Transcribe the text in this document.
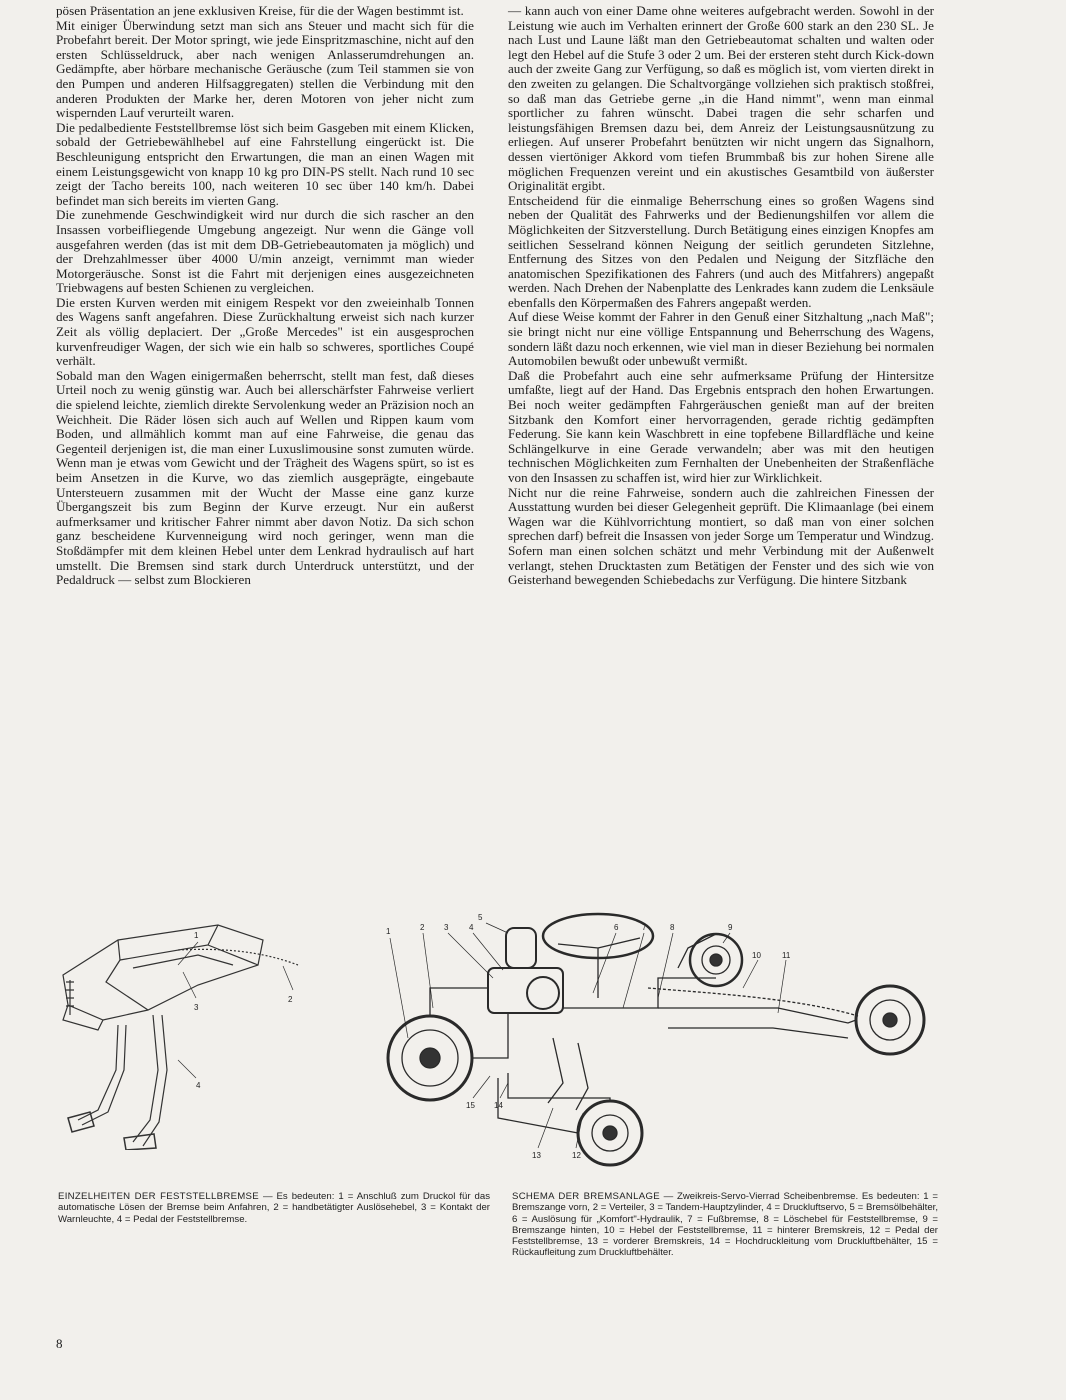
pösen Präsentation an jene exklusiven Kreise, für die der Wagen bestimmt ist.

Mit einiger Überwindung setzt man sich ans Steuer und macht sich für die Probefahrt bereit. Der Motor springt, wie jede Einspritzmaschine, nicht auf den ersten Schlüsseldruck, aber nach wenigen Anlasserumdrehungen an. Gedämpfte, aber hörbare mechanische Geräusche (zum Teil stammen sie von den Pumpen und anderen Hilfsaggregaten) stellen die Verbindung mit den anderen Produkten der Marke her, deren Motoren von jeher nicht zum wispernden Lauf verurteilt waren.

Die pedalbediente Feststellbremse löst sich beim Gasgeben mit einem Klicken, sobald der Getriebewählhebel auf eine Fahrstellung eingerückt ist. Die Beschleunigung entspricht den Erwartungen, die man an einen Wagen mit einem Leistungsgewicht von knapp 10 kg pro DIN-PS stellt. Nach rund 10 sec zeigt der Tacho bereits 100, nach weiteren 10 sec über 140 km/h. Dabei befindet man sich bereits im vierten Gang.

Die zunehmende Geschwindigkeit wird nur durch die sich rascher an den Insassen vorbeifliegende Umgebung angezeigt. Nur wenn die Gänge voll ausgefahren werden (das ist mit dem DB-Getriebeautomaten ja möglich) und der Drehzahlmesser über 4000 U/min anzeigt, vernimmt man wieder Motorgeräusche. Sonst ist die Fahrt mit derjenigen eines ausgezeichneten Triebwagens auf besten Schienen zu vergleichen.

Die ersten Kurven werden mit einigem Respekt vor den zweieinhalb Tonnen des Wagens sanft angefahren. Diese Zurückhaltung erweist sich nach kurzer Zeit als völlig deplaciert. Der „Große Mercedes" ist ein ausgesprochen kurvenfreudiger Wagen, der sich wie ein halb so schweres, sportliches Coupé verhält.

Sobald man den Wagen einigermaßen beherrscht, stellt man fest, daß dieses Urteil noch zu wenig günstig war. Auch bei allerschärfster Fahrweise verliert die spielend leichte, ziemlich direkte Servolenkung weder an Präzision noch an Weichheit. Die Räder lösen sich auch auf Wellen und Rippen kaum vom Boden, und allmählich kommt man auf eine Fahrweise, die genau das Gegenteil derjenigen ist, die man einer Luxuslimousine sonst zumuten würde. Wenn man je etwas vom Gewicht und der Trägheit des Wagens spürt, so ist es beim Ansetzen in die Kurve, wo das ziemlich ausgeprägte, eingebaute Untersteuern zusammen mit der Wucht der Masse eine ganz kurze Übergangszeit bis zum Beginn der Kurve erzeugt. Nur ein außerst aufmerksamer und kritischer Fahrer nimmt aber davon Notiz. Da sich schon ganz bescheidene Kurvenneigung wird noch geringer, wenn man die Stoßdämpfer mit dem kleinen Hebel unter dem Lenkrad hydraulisch auf hart umstellt. Die Bremsen sind stark durch Unterdruck unterstützt, und der Pedaldruck — selbst zum Blockieren

— kann auch von einer Dame ohne weiteres aufgebracht werden. Sowohl in der Leistung wie auch im Verhalten erinnert der Große 600 stark an den 230 SL. Je nach Lust und Laune läßt man den Getriebeautomat schalten und walten oder legt den Hebel auf die Stufe 3 oder 2 um. Bei der ersteren steht durch Kick-down auch der zweite Gang zur Verfügung, so daß es möglich ist, vom vierten direkt in den zweiten zu gelangen. Die Schaltvorgänge vollziehen sich praktisch stoßfrei, so daß man das Getriebe gerne „in die Hand nimmt", wenn man einmal sportlicher zu fahren wünscht. Dabei tragen die sehr scharfen und leistungsfähigen Bremsen dazu bei, dem Anreiz der Leistungsausnützung zu erliegen. Auf unserer Probefahrt benützten wir nicht ungern das Signalhorn, dessen viertöniger Akkord vom tiefen Brummbaß bis zur hohen Sirene alle möglichen Frequenzen vereint und ein akustisches Gesamtbild von äußerster Originalität ergibt.

Entscheidend für die einmalige Beherrschung eines so großen Wagens sind neben der Qualität des Fahrwerks und der Bedienungshilfen vor allem die Möglichkeiten der Sitzverstellung. Durch Betätigung eines einzigen Knopfes am seitlichen Sesselrand können Neigung der seitlich gerundeten Sitzlehne, Entfernung des Sitzes von den Pedalen und Neigung der Sitzfläche den anatomischen Spezifikationen des Fahrers (und auch des Mitfahrers) angepaßt werden. Nach Drehen der Nabenplatte des Lenkrades kann zudem die Lenksäule ebenfalls den Körpermaßen des Fahrers angepaßt werden.

Auf diese Weise kommt der Fahrer in den Genuß einer Sitzhaltung „nach Maß"; sie bringt nicht nur eine völlige Entspannung und Beherrschung des Wagens, sondern läßt dazu noch erkennen, wie viel man in dieser Beziehung bei normalen Automobilen bewußt oder unbewußt vermißt.

Daß die Probefahrt auch eine sehr aufmerksame Prüfung der Hintersitze umfaßte, liegt auf der Hand. Das Ergebnis entsprach den hohen Erwartungen. Bei noch weiter gedämpften Fahrgeräuschen genießt man auf der breiten Sitzbank den Komfort einer hervorragenden, gerade richtig gedämpften Federung. Sie kann kein Waschbrett in eine topfebene Billardfläche und keine Schlängelkurve in eine Gerade verwandeln; aber was mit den heutigen technischen Möglichkeiten zum Fernhalten der Unebenheiten der Straßenfläche von den Insassen zu schaffen ist, wird hier zur Wirklichkeit.

Nicht nur die reine Fahrweise, sondern auch die zahlreichen Finessen der Ausstattung wurden bei dieser Gelegenheit geprüft. Die Klimaanlage (bei einem Wagen war die Kühlvorrichtung montiert, so daß man von einer solchen sprechen darf) befreit die Insassen von jeder Sorge um Temperatur und Windzug. Sofern man einen solchen schätzt und mehr Verbindung mit der Außenwelt verlangt, stehen Drucktasten zum Betätigen der Fenster und des sich wie von Geisterhand bewegenden Schiebedachs zur Verfügung. Die hintere Sitzbank

1
2
3
4
1	2 3	4
5
6	7	8	9
10	11
12
13
14
15
EINZELHEITEN DER FESTSTELLBREMSE — Es bedeuten: 1 = Anschluß zum Druckol für das automatische Lösen der Bremse beim Anfahren, 2 = handbetätigter Auslösehebel, 3 = Kontakt der Warnleuchte, 4 = Pedal der Feststellbremse.
SCHEMA DER BREMSANLAGE — Zweikreis-Servo-Vierrad Scheibenbremse. Es bedeuten: 1 = Bremszange vorn, 2 = Verteiler, 3 = Tandem-Hauptzylinder, 4 = Druckluftservo, 5 = Bremsölbehälter, 6 = Auslösung für „Komfort"-Hydraulik, 7 = Fußbremse, 8 = Löschebel für Feststellbremse, 9 = Bremszange hinten, 10 = Hebel der Feststellbremse, 11 = hinterer Bremskreis, 12 = Pedal der Feststellbremse, 13 = vorderer Bremskreis, 14 = Hochdruckleitung vom Druckluftbehälter, 15 = Rückaufleitung zum Druckluftbehälter.
8
